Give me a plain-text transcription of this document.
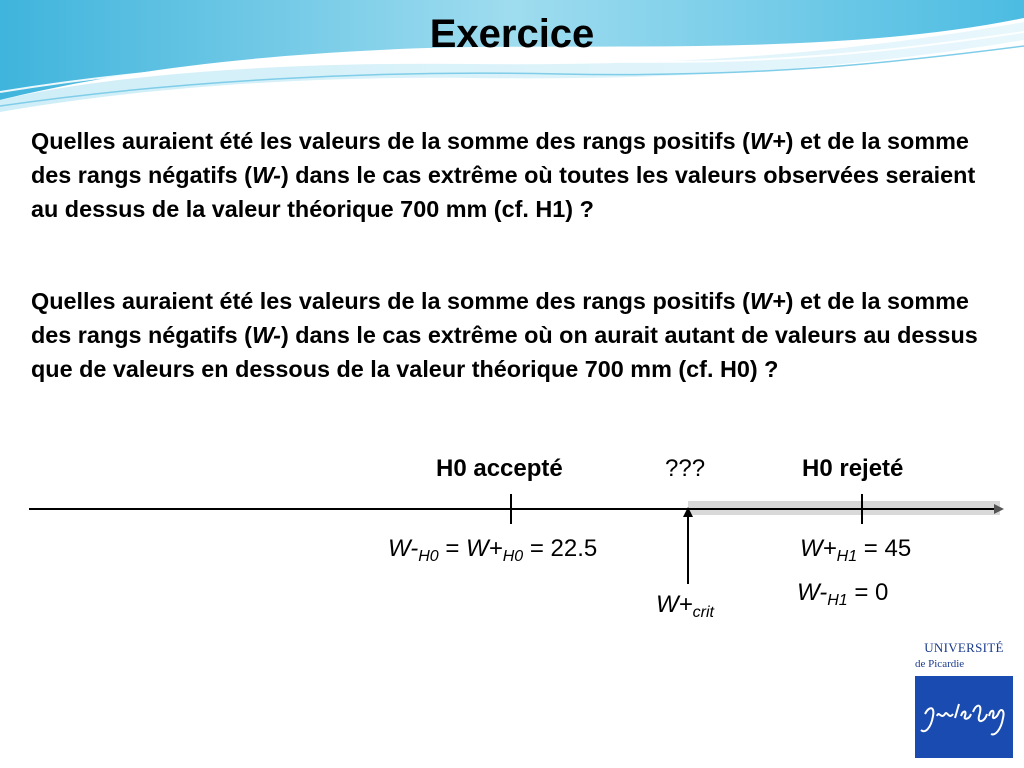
Exercice
Quelles auraient été les valeurs de la somme des rangs positifs (W+) et de la somme des rangs négatifs (W-) dans le cas extrême où toutes les valeurs observées seraient au dessus de la valeur théorique 700 mm (cf. H1) ?
Quelles auraient été les valeurs de la somme des rangs positifs (W+) et de la somme des rangs négatifs (W-) dans le cas extrême où on aurait autant de valeurs au dessus que de valeurs en dessous de la valeur théorique 700 mm (cf. H0) ?
H0 accepté	???	H0 rejeté
$W-_{H0} = W+_{H0} = 22.5$	$W+_{H1} = 45$
$W-_{H1} = 0$
$W+_{crit}$
UNIVERSITÉ
de Picardie
